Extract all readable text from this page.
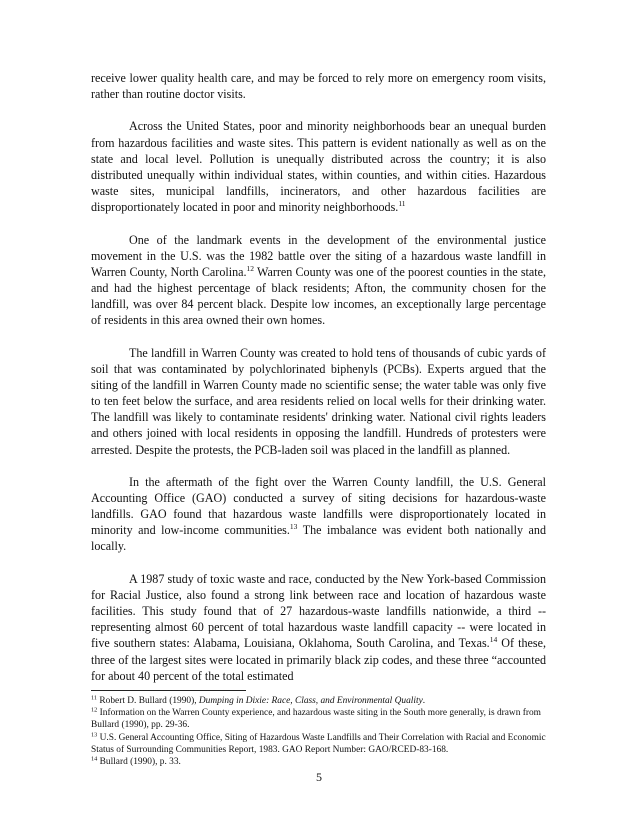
receive lower quality health care, and may be forced to rely more on emergency room visits, rather than routine doctor visits.

Across the United States, poor and minority neighborhoods bear an unequal burden from hazardous facilities and waste sites. This pattern is evident nationally as well as on the state and local level. Pollution is unequally distributed across the country; it is also distributed unequally within individual states, within counties, and within cities. Hazardous waste sites, municipal landfills, incinerators, and other hazardous facilities are disproportionately located in poor and minority neighborhoods.$^{11}$

One of the landmark events in the development of the environmental justice movement in the U.S. was the 1982 battle over the siting of a hazardous waste landfill in Warren County, North Carolina.$^{12}$ Warren County was one of the poorest counties in the state, and had the highest percentage of black residents; Afton, the community chosen for the landfill, was over 84 percent black. Despite low incomes, an exceptionally large percentage of residents in this area owned their own homes.

The landfill in Warren County was created to hold tens of thousands of cubic yards of soil that was contaminated by polychlorinated biphenyls (PCBs). Experts argued that the siting of the landfill in Warren County made no scientific sense; the water table was only five to ten feet below the surface, and area residents relied on local wells for their drinking water. The landfill was likely to contaminate residents' drinking water. National civil rights leaders and others joined with local residents in opposing the landfill. Hundreds of protesters were arrested. Despite the protests, the PCB-laden soil was placed in the landfill as planned.

In the aftermath of the fight over the Warren County landfill, the U.S. General Accounting Office (GAO) conducted a survey of siting decisions for hazardous-waste landfills. GAO found that hazardous waste landfills were disproportionately located in minority and low-income communities.$^{13}$ The imbalance was evident both nationally and locally.

A 1987 study of toxic waste and race, conducted by the New York-based Commission for Racial Justice, also found a strong link between race and location of hazardous waste facilities. This study found that of 27 hazardous-waste landfills nationwide, a third -- representing almost 60 percent of total hazardous waste landfill capacity -- were located in five southern states: Alabama, Louisiana, Oklahoma, South Carolina, and Texas.$^{14}$ Of these, three of the largest sites were located in primarily black zip codes, and these three “accounted for about 40 percent of the total estimated

$^{11}$ Robert D. Bullard (1990), Dumping in Dixie: Race, Class, and Environmental Quality.

$^{12}$ Information on the Warren County experience, and hazardous waste siting in the South more generally, is drawn from Bullard (1990), pp. 29-36.

$^{13}$ U.S. General Accounting Office, Siting of Hazardous Waste Landfills and Their Correlation with Racial and Economic Status of Surrounding Communities Report, 1983. GAO Report Number: GAO/RCED-83-168.

$^{14}$ Bullard (1990), p. 33.

5
